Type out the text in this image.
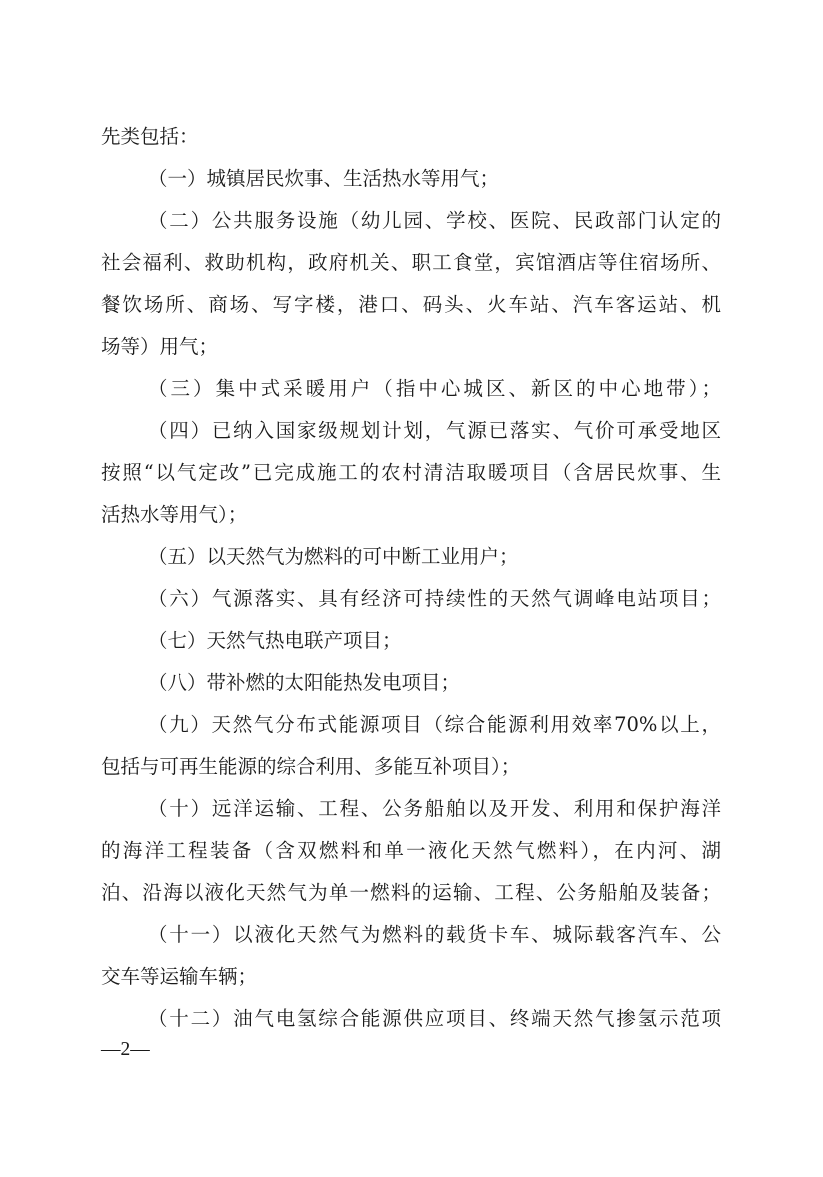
先类包括：
（一）城镇居民炊事、生活热水等用气；
（二）公共服务设施（幼儿园、学校、医院、民政部门认定的
社会福利、救助机构，政府机关、职工食堂，宾馆酒店等住宿场所、
餐饮场所、商场、写字楼，港口、码头、火车站、汽车客运站、机
场等）用气；
（三）集中式采暖用户（指中心城区、新区的中心地带）；
（四）已纳入国家级规划计划，气源已落实、气价可承受地区
按照“以气定改”已完成施工的农村清洁取暖项目（含居民炊事、生
活热水等用气）；
（五）以天然气为燃料的可中断工业用户；
（六）气源落实、具有经济可持续性的天然气调峰电站项目；
（七）天然气热电联产项目；
（八）带补燃的太阳能热发电项目；
（九）天然气分布式能源项目（综合能源利用效率70%以上，
包括与可再生能源的综合利用、多能互补项目）；
（十）远洋运输、工程、公务船舶以及开发、利用和保护海洋
的海洋工程装备（含双燃料和单一液化天然气燃料），在内河、湖
泊、沿海以液化天然气为单一燃料的运输、工程、公务船舶及装备；
（十一）以液化天然气为燃料的载货卡车、城际载客汽车、公
交车等运输车辆；
（十二）油气电氢综合能源供应项目、终端天然气掺氢示范项
—2—
